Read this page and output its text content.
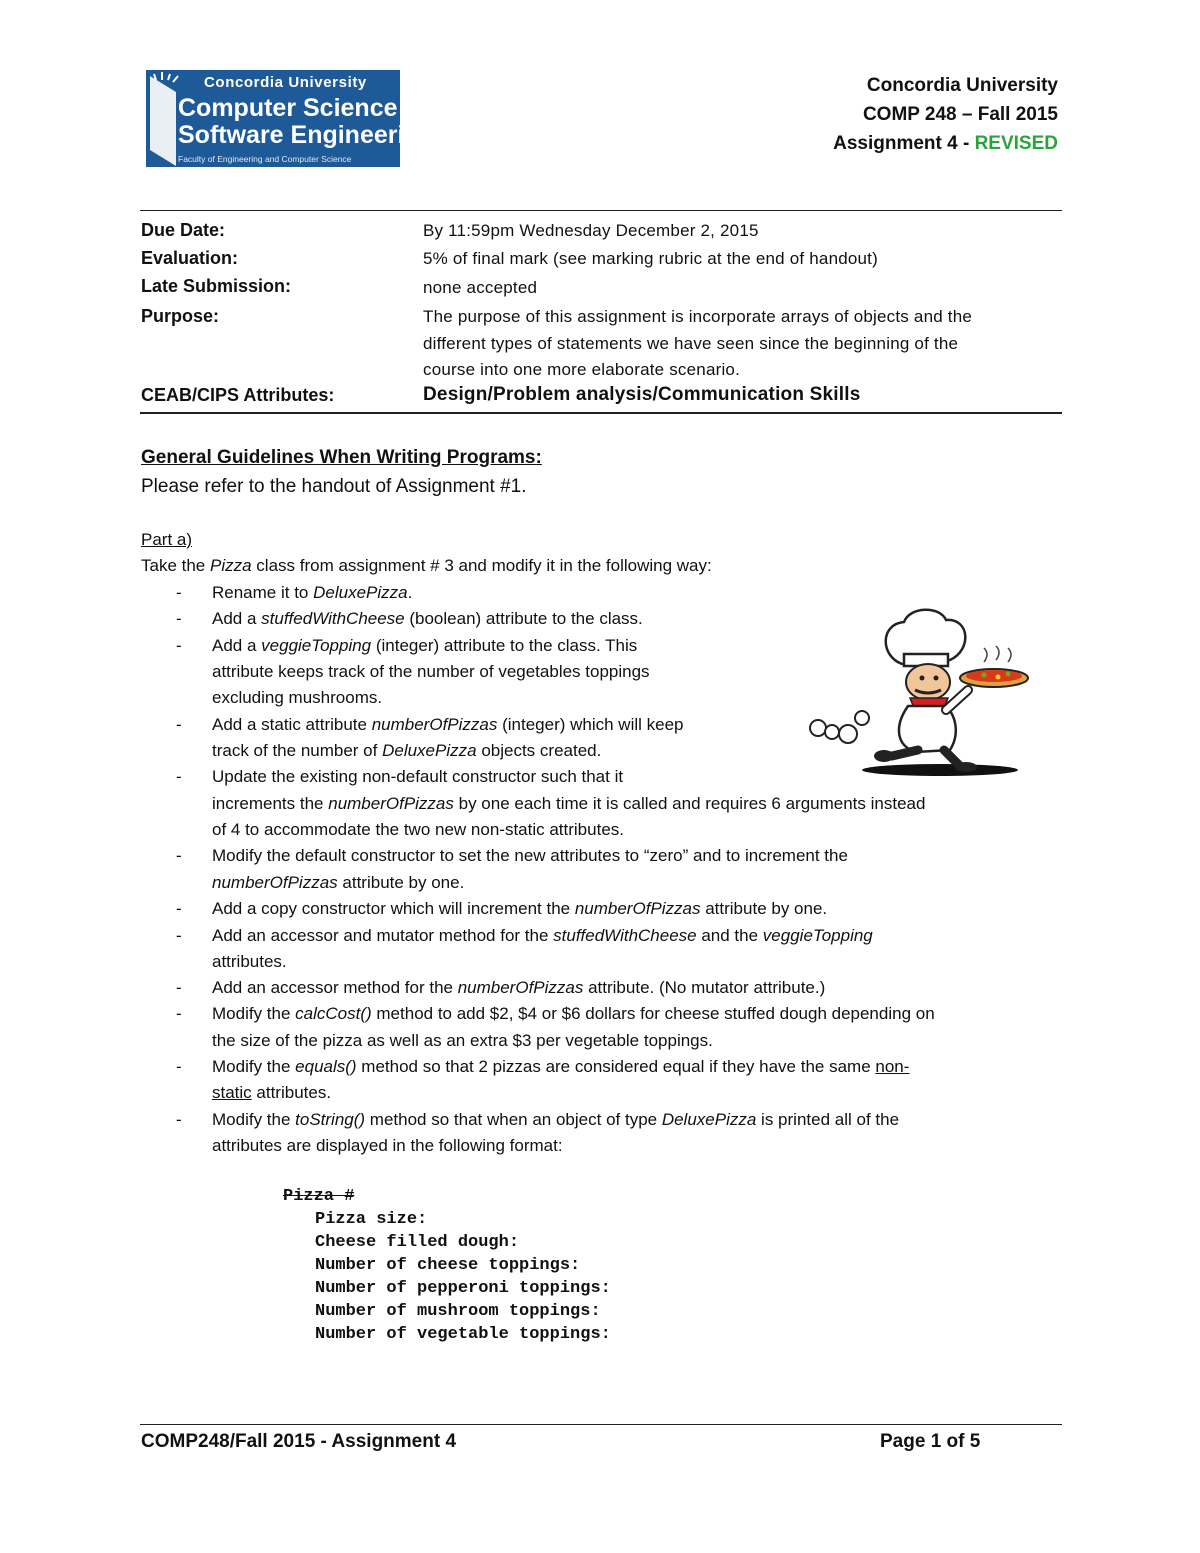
Concordia University
Computer Science &
Software Engineering
Faculty of Engineering and Computer Science
Concordia University
COMP 248 – Fall 2015
Assignment 4 - REVISED
Due Date:	By 11:59pm Wednesday December 2, 2015
Evaluation:	5% of final mark (see marking rubric at the end of handout)
Late Submission:	none accepted
Purpose:	The purpose of this assignment is incorporate arrays of objects and the
different types of statements we have seen since the beginning of the
course into one more elaborate scenario.
CEAB/CIPS Attributes:	Design/Problem analysis/Communication Skills
General Guidelines When Writing Programs:
Please refer to the handout of Assignment #1.
Part a)
Take the Pizza class from assignment # 3 and modify it in the following way:
- Rename it to DeluxePizza.
- Add a stuffedWithCheese (boolean) attribute to the class.
- Add a veggieTopping (integer) attribute to the class. This
attribute keeps track of the number of vegetables toppings
excluding mushrooms.
- Add a static attribute numberOfPizzas (integer) which will keep
track of the number of DeluxePizza objects created.
- Update the existing non-default constructor such that it
increments the numberOfPizzas by one each time it is called and requires 6 arguments instead
of 4 to accommodate the two new non-static attributes.
- Modify the default constructor to set the new attributes to “zero” and to increment the
numberOfPizzas attribute by one.
- Add a copy constructor which will increment the numberOfPizzas attribute by one.
- Add an accessor and mutator method for the stuffedWithCheese and the veggieTopping
attributes.
- Add an accessor method for the numberOfPizzas attribute. (No mutator attribute.)
- Modify the calcCost() method to add $2, $4 or $6 dollars for cheese stuffed dough depending on
the size of the pizza as well as an extra $3 per vegetable toppings.
- Modify the equals() method so that 2 pizzas are considered equal if they have the same non-
static attributes.
- Modify the toString() method so that when an object of type DeluxePizza is printed all of the
attributes are displayed in the following format:
Pizza #
Pizza size:
Cheese filled dough:
Number of cheese toppings:
Number of pepperoni toppings:
Number of mushroom toppings:
Number of vegetable toppings:
COMP248/Fall 2015 - Assignment 4	Page 1 of 5
